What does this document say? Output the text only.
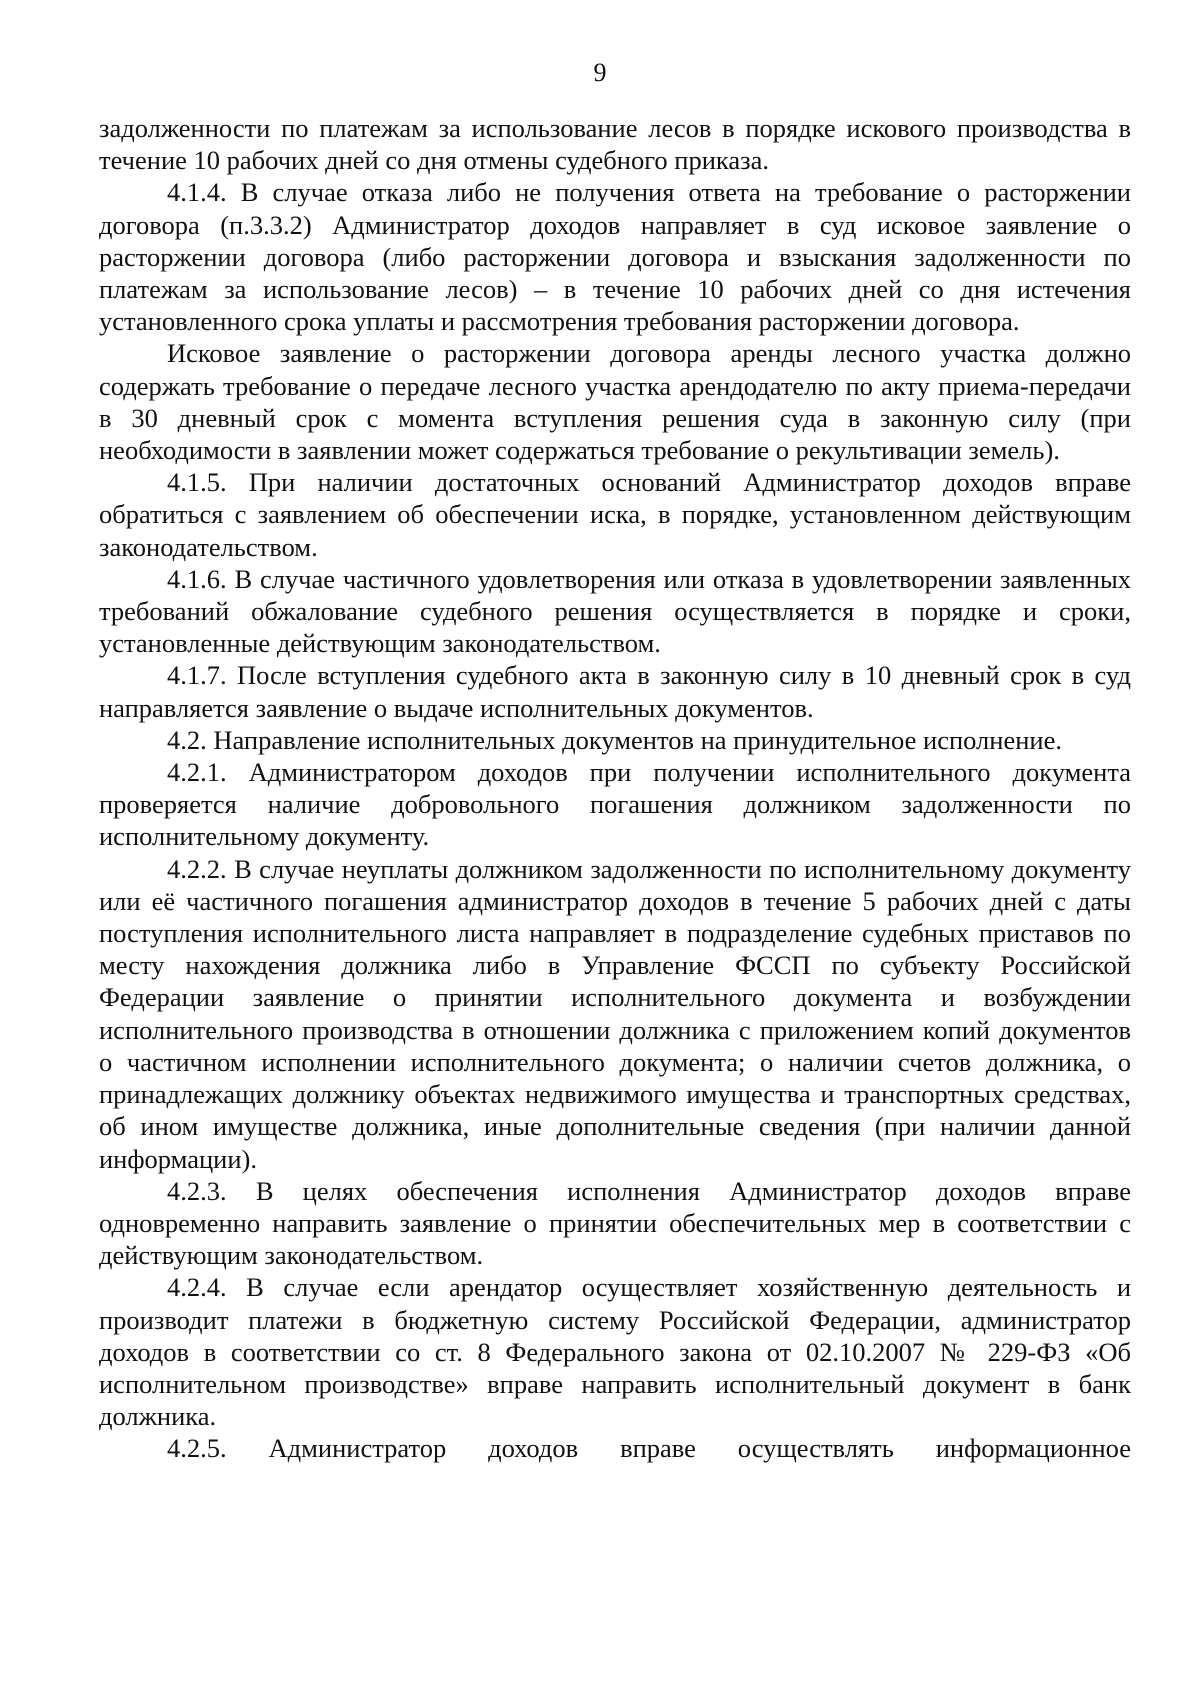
9

задолженности по платежам за использование лесов в порядке искового производства в течение 10 рабочих дней со дня отмены судебного приказа.

4.1.4. В случае отказа либо не получения ответа на требование о расторжении договора (п.3.3.2) Администратор доходов направляет в суд исковое заявление о расторжении договора (либо расторжении договора и взыскания задолженности по платежам за использование лесов) – в течение 10 рабочих дней со дня истечения установленного срока уплаты и рассмотрения требования расторжении договора.

Исковое заявление о расторжении договора аренды лесного участка должно содержать требование о передаче лесного участка арендодателю по акту приема-передачи в 30 дневный срок с момента вступления решения суда в законную силу (при необходимости в заявлении может содержаться требование о рекультивации земель).

4.1.5. При наличии достаточных оснований Администратор доходов вправе обратиться с заявлением об обеспечении иска, в порядке, установленном действующим законодательством.

4.1.6. В случае частичного удовлетворения или отказа в удовлетворении заявленных требований обжалование судебного решения осуществляется в порядке и сроки, установленные действующим законодательством.

4.1.7. После вступления судебного акта в законную силу в 10 дневный срок в суд направляется заявление о выдаче исполнительных документов.

4.2. Направление исполнительных документов на принудительное исполнение.

4.2.1. Администратором доходов при получении исполнительного документа проверяется наличие добровольного погашения должником задолженности по исполнительному документу.

4.2.2. В случае неуплаты должником задолженности по исполнительному документу или её частичного погашения администратор доходов в течение 5 рабочих дней с даты поступления исполнительного листа направляет в подразделение судебных приставов по месту нахождения должника либо в Управление ФССП по субъекту Российской Федерации заявление о принятии исполнительного документа и возбуждении исполнительного производства в отношении должника с приложением копий документов о частичном исполнении исполнительного документа; о наличии счетов должника, о принадлежащих должнику объектах недвижимого имущества и транспортных средствах, об ином имуществе должника, иные дополнительные сведения (при наличии данной информации).

4.2.3. В целях обеспечения исполнения Администратор доходов вправе одновременно направить заявление о принятии обеспечительных мер в соответствии с действующим законодательством.

4.2.4. В случае если арендатор осуществляет хозяйственную деятельность и производит платежи в бюджетную систему Российской Федерации, администратор доходов в соответствии со ст. 8 Федерального закона от 02.10.2007 № 229-ФЗ «Об исполнительном производстве» вправе направить исполнительный документ в банк должника.

4.2.5. Администратор доходов вправе осуществлять информационное
